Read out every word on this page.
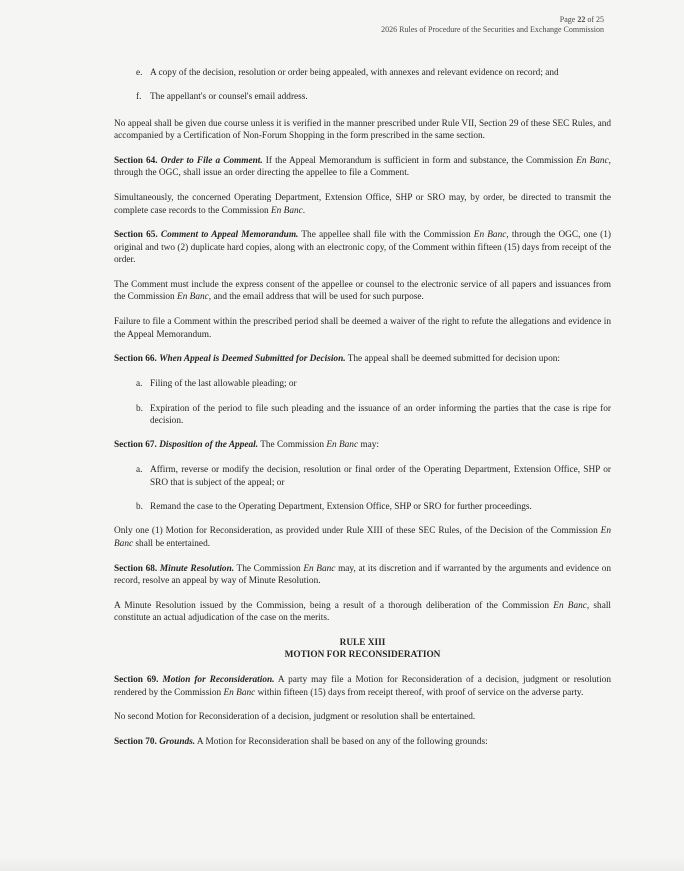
Page 22 of 25
2026 Rules of Procedure of the Securities and Exchange Commission
e. A copy of the decision, resolution or order being appealed, with annexes and relevant evidence on record; and
f. The appellant's or counsel's email address.

No appeal shall be given due course unless it is verified in the manner prescribed under Rule VII, Section 29 of these SEC Rules, and accompanied by a Certification of Non-Forum Shopping in the form prescribed in the same section.

Section 64. Order to File a Comment. If the Appeal Memorandum is sufficient in form and substance, the Commission En Banc, through the OGC, shall issue an order directing the appellee to file a Comment.

Simultaneously, the concerned Operating Department, Extension Office, SHP or SRO may, by order, be directed to transmit the complete case records to the Commission En Banc.

Section 65. Comment to Appeal Memorandum. The appellee shall file with the Commission En Banc, through the OGC, one (1) original and two (2) duplicate hard copies, along with an electronic copy, of the Comment within fifteen (15) days from receipt of the order.

The Comment must include the express consent of the appellee or counsel to the electronic service of all papers and issuances from the Commission En Banc, and the email address that will be used for such purpose.

Failure to file a Comment within the prescribed period shall be deemed a waiver of the right to refute the allegations and evidence in the Appeal Memorandum.

Section 66. When Appeal is Deemed Submitted for Decision. The appeal shall be deemed submitted for decision upon:

a. Filing of the last allowable pleading; or
b. Expiration of the period to file such pleading and the issuance of an order informing the parties that the case is ripe for decision.

Section 67. Disposition of the Appeal. The Commission En Banc may:

a. Affirm, reverse or modify the decision, resolution or final order of the Operating Department, Extension Office, SHP or SRO that is subject of the appeal; or
b. Remand the case to the Operating Department, Extension Office, SHP or SRO for further proceedings.

Only one (1) Motion for Reconsideration, as provided under Rule XIII of these SEC Rules, of the Decision of the Commission En Banc shall be entertained.

Section 68. Minute Resolution. The Commission En Banc may, at its discretion and if warranted by the arguments and evidence on record, resolve an appeal by way of Minute Resolution.

A Minute Resolution issued by the Commission, being a result of a thorough deliberation of the Commission En Banc, shall constitute an actual adjudication of the case on the merits.

RULE XIII
MOTION FOR RECONSIDERATION

Section 69. Motion for Reconsideration. A party may file a Motion for Reconsideration of a decision, judgment or resolution rendered by the Commission En Banc within fifteen (15) days from receipt thereof, with proof of service on the adverse party.

No second Motion for Reconsideration of a decision, judgment or resolution shall be entertained.

Section 70. Grounds. A Motion for Reconsideration shall be based on any of the following grounds:
